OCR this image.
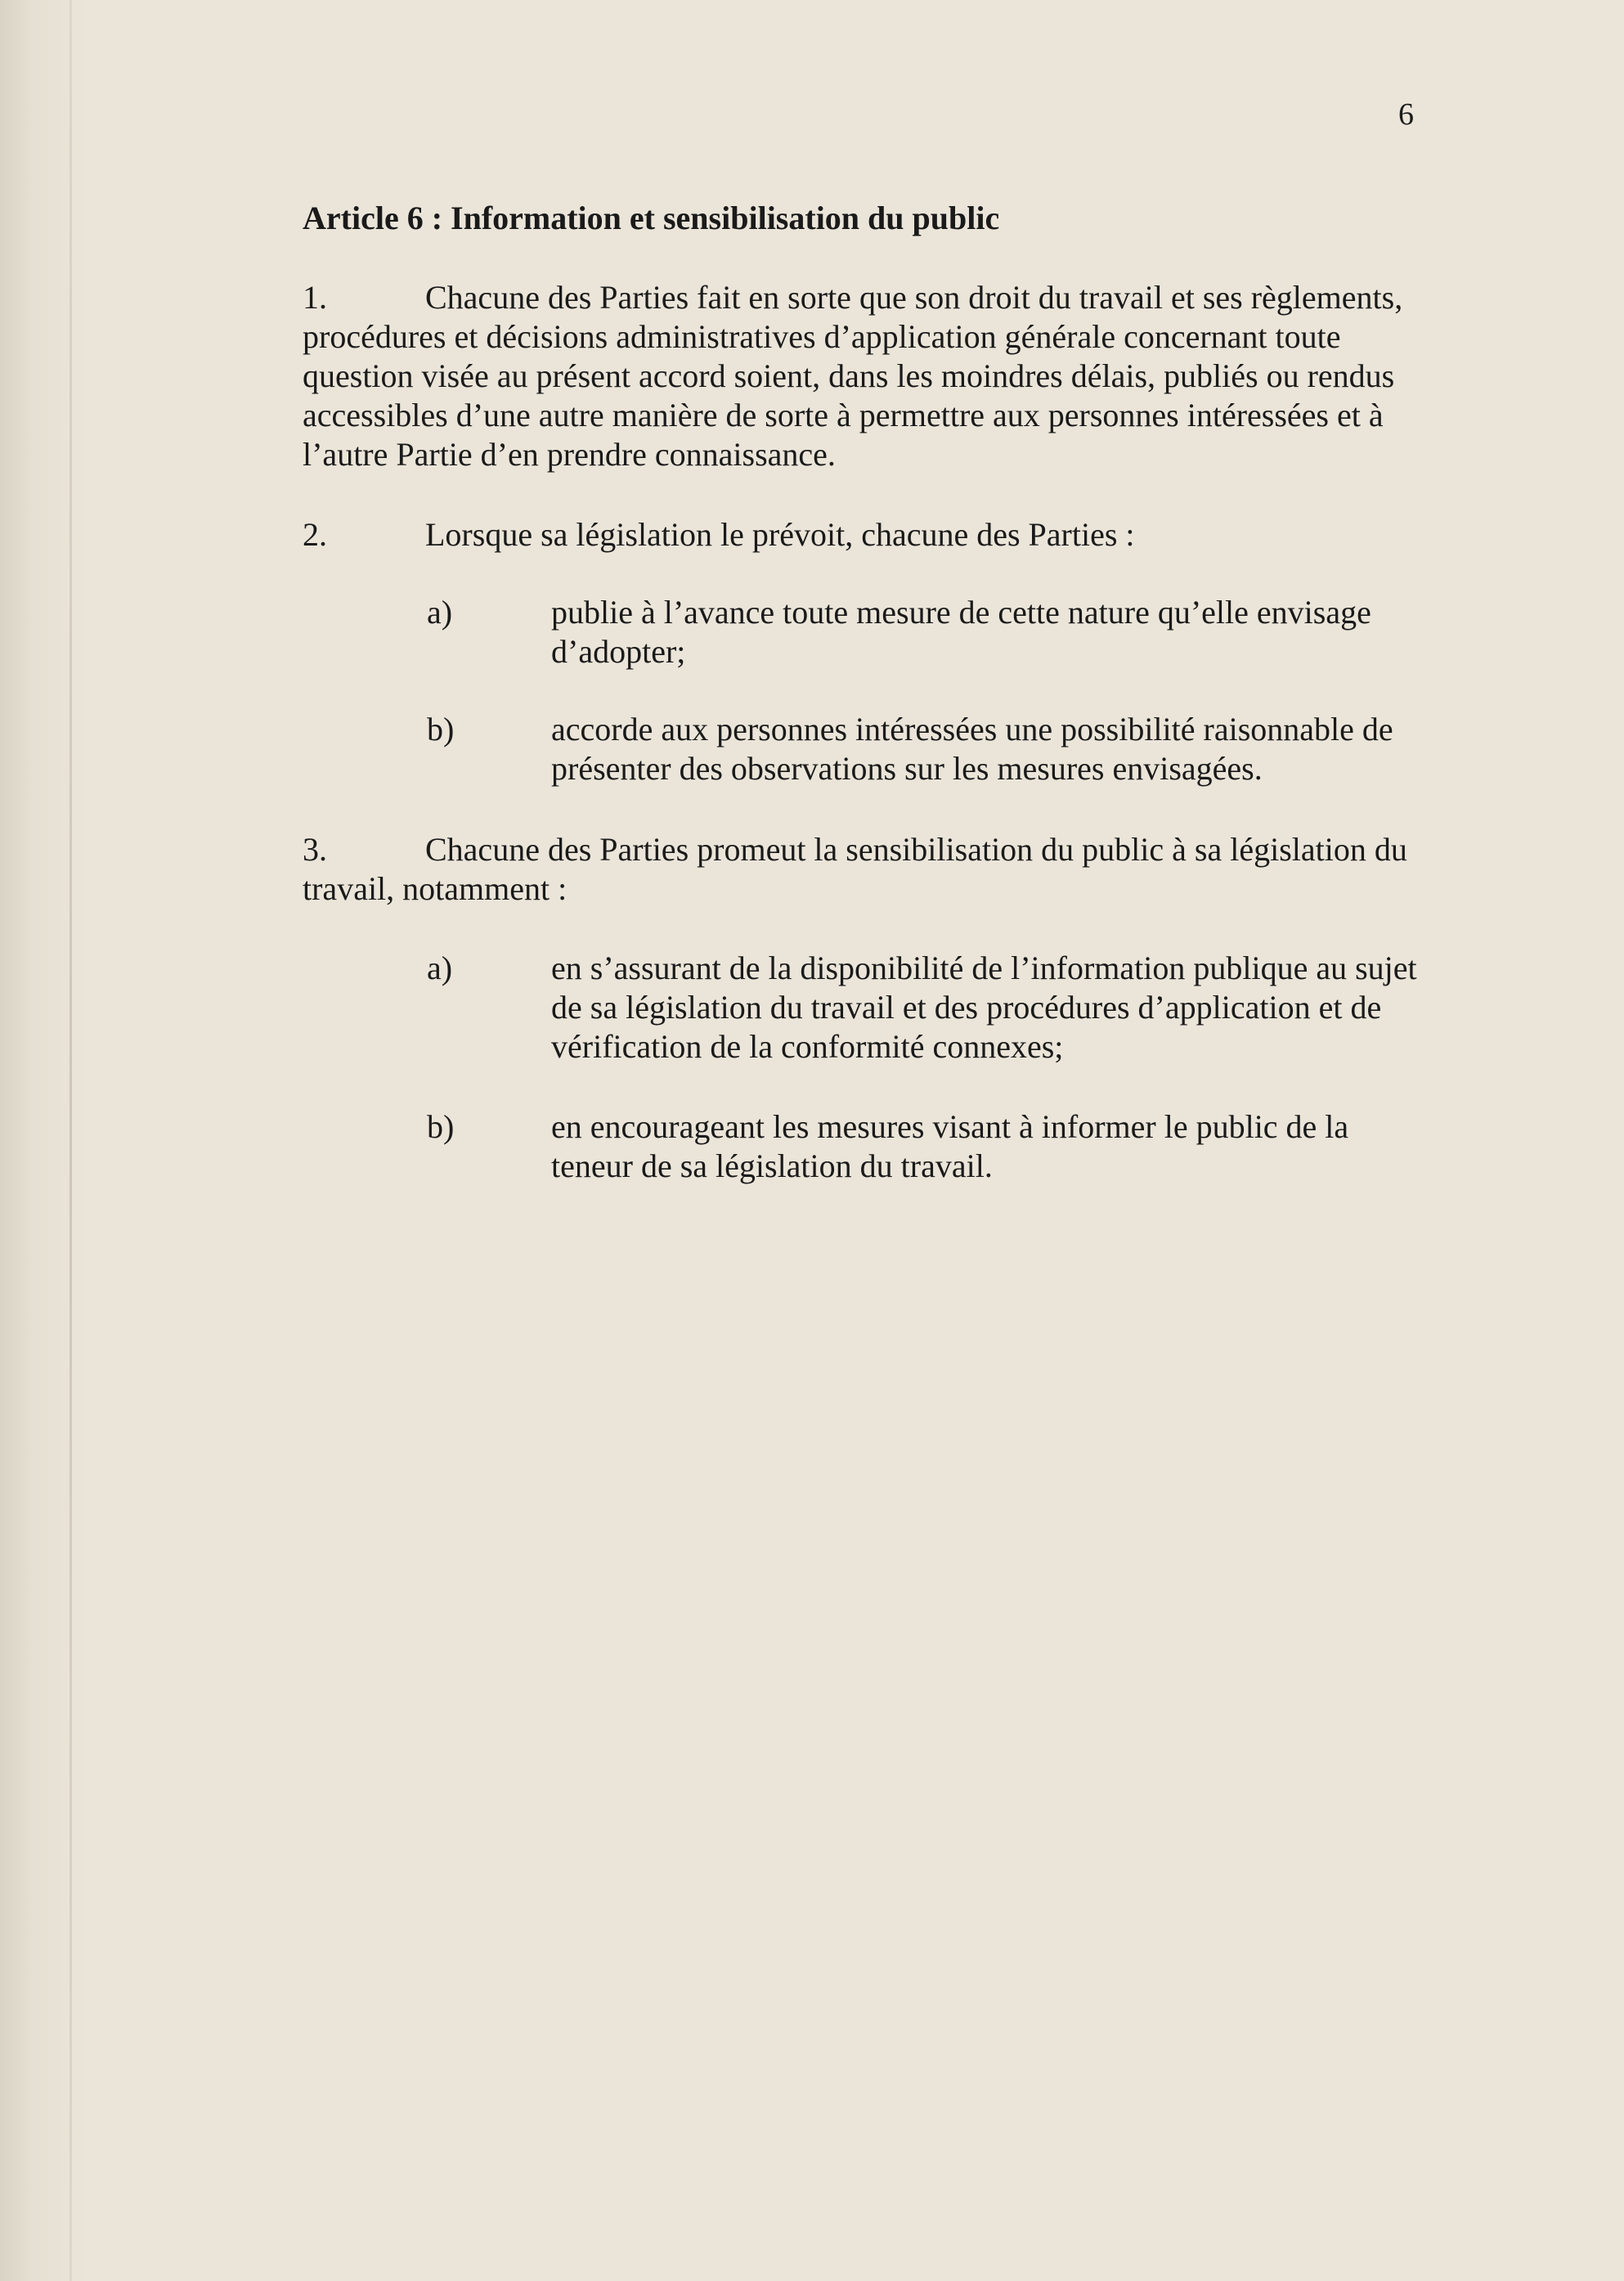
6
Article 6 : Information et sensibilisation du public
1.	Chacune des Parties fait en sorte que son droit du travail et ses règlements, procédures et décisions administratives d’application générale concernant toute question visée au présent accord soient, dans les moindres délais, publiés ou rendus accessibles d’une autre manière de sorte à permettre aux personnes intéressées et à l’autre Partie d’en prendre connaissance.
2.	Lorsque sa législation le prévoit, chacune des Parties :
a)	publie à l’avance toute mesure de cette nature qu’elle envisage d’adopter;
b)	accorde aux personnes intéressées une possibilité raisonnable de présenter des observations sur les mesures envisagées.
3.	Chacune des Parties promeut la sensibilisation du public à sa législation du travail, notamment :
a)	en s’assurant de la disponibilité de l’information publique au sujet de sa législation du travail et des procédures d’application et de vérification de la conformité connexes;
b)	en encourageant les mesures visant à informer le public de la teneur de sa législation du travail.
